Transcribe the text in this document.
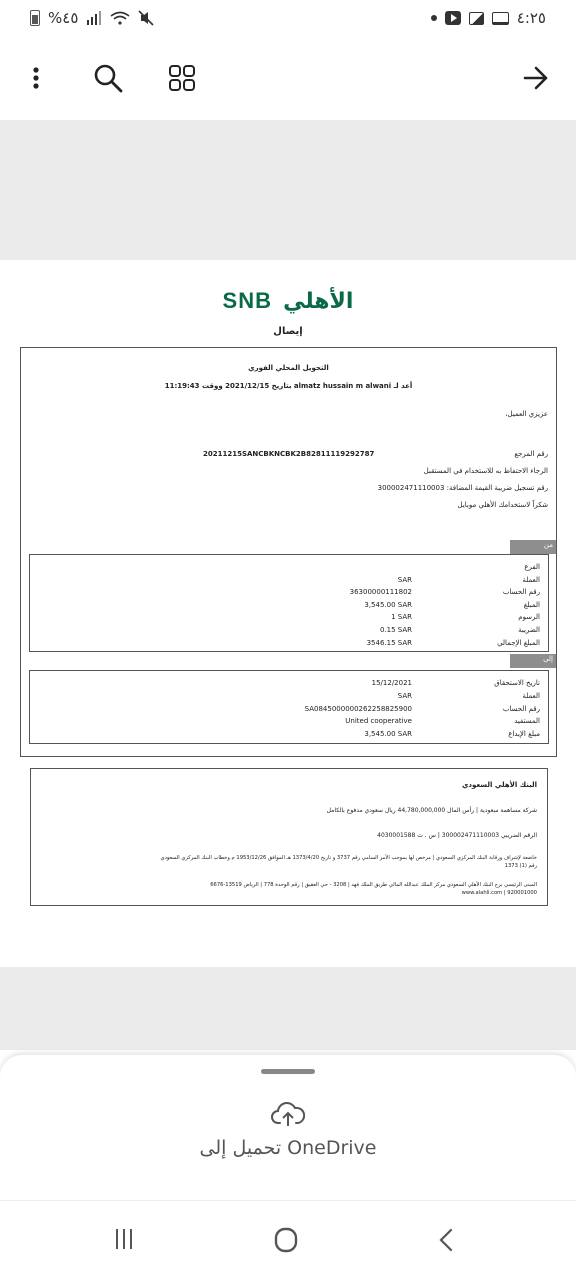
%٤٥	٤:٢٥
SNB الأهلي
إيصال
التحويل المحلي الفوري
أعد لـ almatz hussain m alwani بتاريخ 2021/12/15 ووقت 11:19:43
عزيزي العميل،
رقم المرجع
20211215SANCBKNCBK2B82811119292787
الرجاء الاحتفاظ به للاستخدام في المستقبل
رقم تسجيل ضريبة القيمة المضافة: 300002471110003
شكراً لاستخدامك الأهلي موبايل
من
الفرع
العملة
SAR
رقم الحساب
36300000111802
المبلغ
3,545.00 SAR
الرسوم
1 SAR
الضريبة
0.15 SAR
المبلغ الإجمالي
3546.15 SAR
إلى
تاريخ الاستحقاق
15/12/2021
العملة
SAR
رقم الحساب
SA0845000000262258825900
المستفيد
United cooperative
مبلغ الإيداع
3,545.00 SAR
البنك الأهلي السعودي
شركة مساهمة سعودية | رأس المال 44,780,000,000 ريال سعودي مدفوع بالكامل
الرقم الضريبي 300002471110003 | س . ت 4030001588
خاضعة لإشراف ورقابة البنك المركزي السعودي | مرخص لها بموجب الأمر السامي رقم 3737 و تاريخ 1373/4/20 هـ الموافق 1953/12/26 م وخطاب البنك المركزي السعودي
رقم (1) 1373
المبنى الرئيسي برج البنك الأهلي السعودي مركز الملك عبدالله المالي طريق الملك فهد | 3208 - حي العقيق | رقم الوحدة 778 | الرياض 13519-6676
920001000 | www.alahli.com
تحميل إلى OneDrive
